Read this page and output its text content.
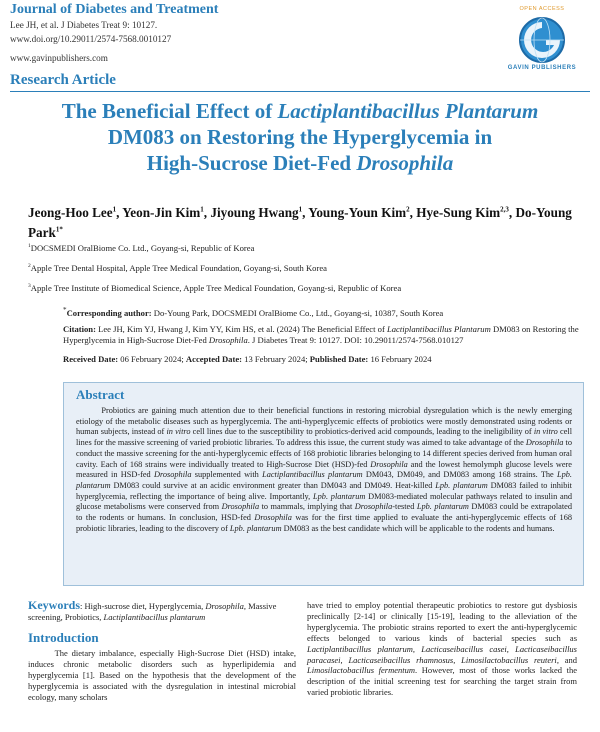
Journal of Diabetes and Treatment
Lee JH, et al. J Diabetes Treat 9: 10127.
www.doi.org/10.29011/2574-7568.0010127
www.gavinpublishers.com
OPEN ACCESS
GAVIN PUBLISHERS
Research Article
The Beneficial Effect of Lactiplantibacillus Plantarum
DM083 on Restoring the Hyperglycemia in
High-Sucrose Diet-Fed Drosophila
Jeong-Hoo Lee$^1$, Yeon-Jin Kim$^1$, Jiyoung Hwang$^1$, Young-Youn Kim$^2$, Hye-Sung Kim$^{2,3}$, Do-Young Park$^{1*}$
$^1$DOCSMEDI OralBiome Co. Ltd., Goyang-si, Republic of Korea
$^2$Apple Tree Dental Hospital, Apple Tree Medical Foundation, Goyang-si, South Korea
$^3$Apple Tree Institute of Biomedical Science, Apple Tree Medical Foundation, Goyang-si, Republic of Korea
*Corresponding author: Do-Young Park, DOCSMEDI OralBiome Co., Ltd., Goyang-si, 10387, South Korea
Citation: Lee JH, Kim YJ, Hwang J, Kim YY, Kim HS, et al. (2024) The Beneficial Effect of Lactiplantibacillus Plantarum DM083 on Restoring the Hyperglycemia in High-Sucrose Diet-Fed Drosophila. J Diabetes Treat 9: 10127. DOI: 10.29011/2574-7568.010127
Received Date: 06 February 2024; Accepted Date: 13 February 2024; Published Date: 16 February 2024
Abstract
Probiotics are gaining much attention due to their beneficial functions in restoring microbial dysregulation which is the newly emerging etiology of the metabolic diseases such as hyperglycemia. The anti-hyperglycemic effects of probiotics were mostly demonstrated using rodents or human subjects, instead of in vitro cell lines due to the susceptibility to probiotics-derived acid compounds, leading to the ineligibility of in vitro cell lines for the massive screening of varied probiotic libraries. To address this issue, the current study was aimed to take advantage of the Drosophila to conduct the massive screening for the anti-hyperglycemic effects of 168 probiotic libraries belonging to 14 different species derived from human oral cavity. Each of 168 strains were individually treated to High-Sucrose Diet (HSD)-fed Drosophila and the lowest hemolymph glucose levels were measured in HSD-fed Drosophila supplemented with Lactiplantibacillus plantarum DM043, DM049, and DM083 among 168 strains. The Lpb. plantarum DM083 could survive at an acidic environment greater than DM043 and DM049. Heat-killed Lpb. plantarum DM083 failed to inhibit hyperglycemia, reflecting the importance of being alive. Importantly, Lpb. plantarum DM083-mediated molecular pathways related to insulin and glucose metabolisms were conserved from Drosophila to mammals, implying that Drosophila-tested Lpb. plantarum DM083 could be extrapolated to the rodents or humans. In conclusion, HSD-fed Drosophila was for the first time applied to evaluate the anti-hyperglycemic effects of 168 probiotic libraries, leading to the discovery of Lpb. plantarum DM083 as the best candidate which will be applicable to the rodents and humans.
Keywords: High-sucrose diet, Hyperglycemia, Drosophila, Massive screening, Probiotics, Lactiplantibacillus plantarum
Introduction
The dietary imbalance, especially High-Sucrose Diet (HSD) intake, induces chronic metabolic disorders such as hyperlipidemia and hyperglycemia [1]. Based on the hypothesis that the development of the hyperglycemia is associated with the dysregulation in intestinal microbial ecology, many scholars
have tried to employ potential therapeutic probiotics to restore gut dysbiosis preclinically [2-14] or clinically [15-19], leading to the alleviation of the hyperglycemia. The probiotic strains reported to exert the anti-hyperglycemic effects belonged to various kinds of bacterial species such as Lactiplantibacillus plantarum, Lacticaseibacillus casei, Lacticaseibacillus paracasei, Lacticaseibacillus rhamnosus, Limosilactobacillus reuteri, and Limosilactobacillus fermentum. However, most of those works lacked the description of the initial screening test for searching the target strain from varied probiotic libraries.
